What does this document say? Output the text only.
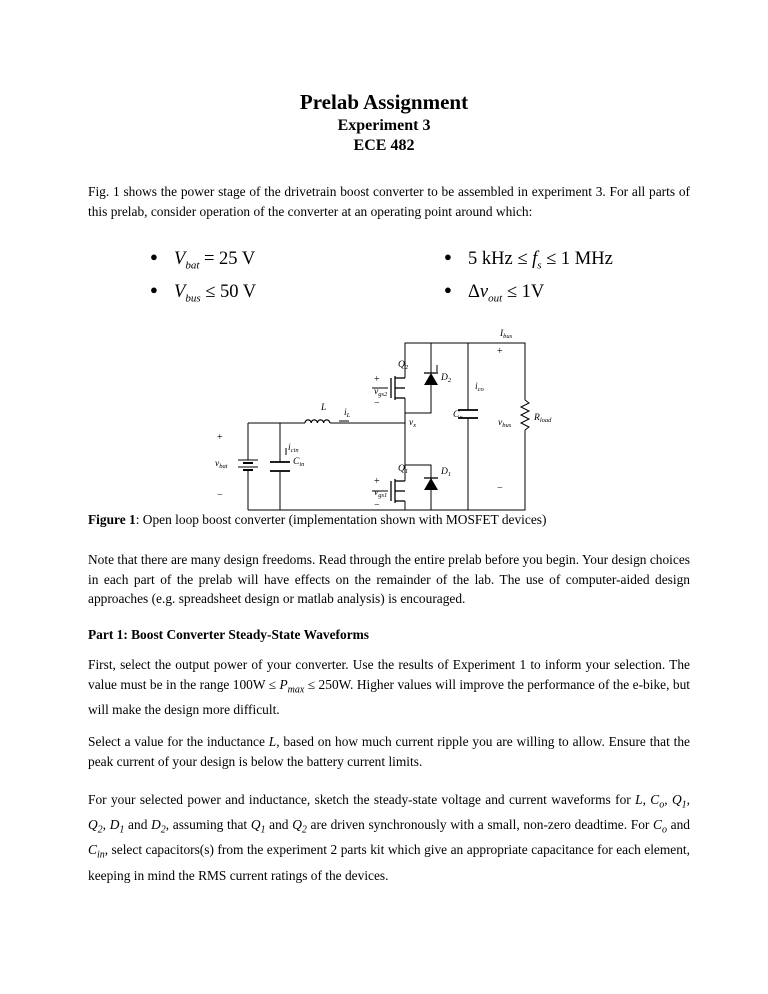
Prelab Assignment
Experiment 3
ECE 482
Fig. 1 shows the power stage of the drivetrain boost converter to be assembled in experiment 3. For all parts of this prelab, consider operation of the converter at an operating point around which:
● $V_{bat} = 25$ V
● $V_{bus} \le 50$ V
● 5 kHz ≤ $f_s \le 1$ MHz
● $\Delta v_{out} \le 1V$
$I_{bus}$
$Q_2$
$D_2$
$i_{co}$
$v_{gs2}$
L $i_L$	$C_o$
$v_x$	$v_{bus}$
$R_{load}$
$i_{cin}$
$v_{bat}$	$C_{in}$	$Q_1$	$D_1$
$v_{gs1}$
+
+
−
+
+
−
−
−
Figure 1: Open loop boost converter (implementation shown with MOSFET devices)
Note that there are many design freedoms. Read through the entire prelab before you begin. Your design choices in each part of the prelab will have effects on the remainder of the lab. The use of computer-aided design approaches (e.g. spreadsheet design or matlab analysis) is encouraged.
Part 1: Boost Converter Steady-State Waveforms
First, select the output power of your converter. Use the results of Experiment 1 to inform your selection. The value must be in the range $100W \le P_{max} \le 250W$. Higher values will improve the performance of the e-bike, but will make the design more difficult.
Select a value for the inductance L, based on how much current ripple you are willing to allow. Ensure that the peak current of your design is below the battery current limits.
For your selected power and inductance, sketch the steady-state voltage and current waveforms for L, $C_o$, $Q_1$, $Q_2$, $D_1$ and $D_2$, assuming that $Q_1$ and $Q_2$ are driven synchronously with a small, non-zero deadtime. For $C_o$ and $C_{in}$, select capacitors(s) from the experiment 2 parts kit which give an appropriate capacitance for each element, keeping in mind the RMS current ratings of the devices.
